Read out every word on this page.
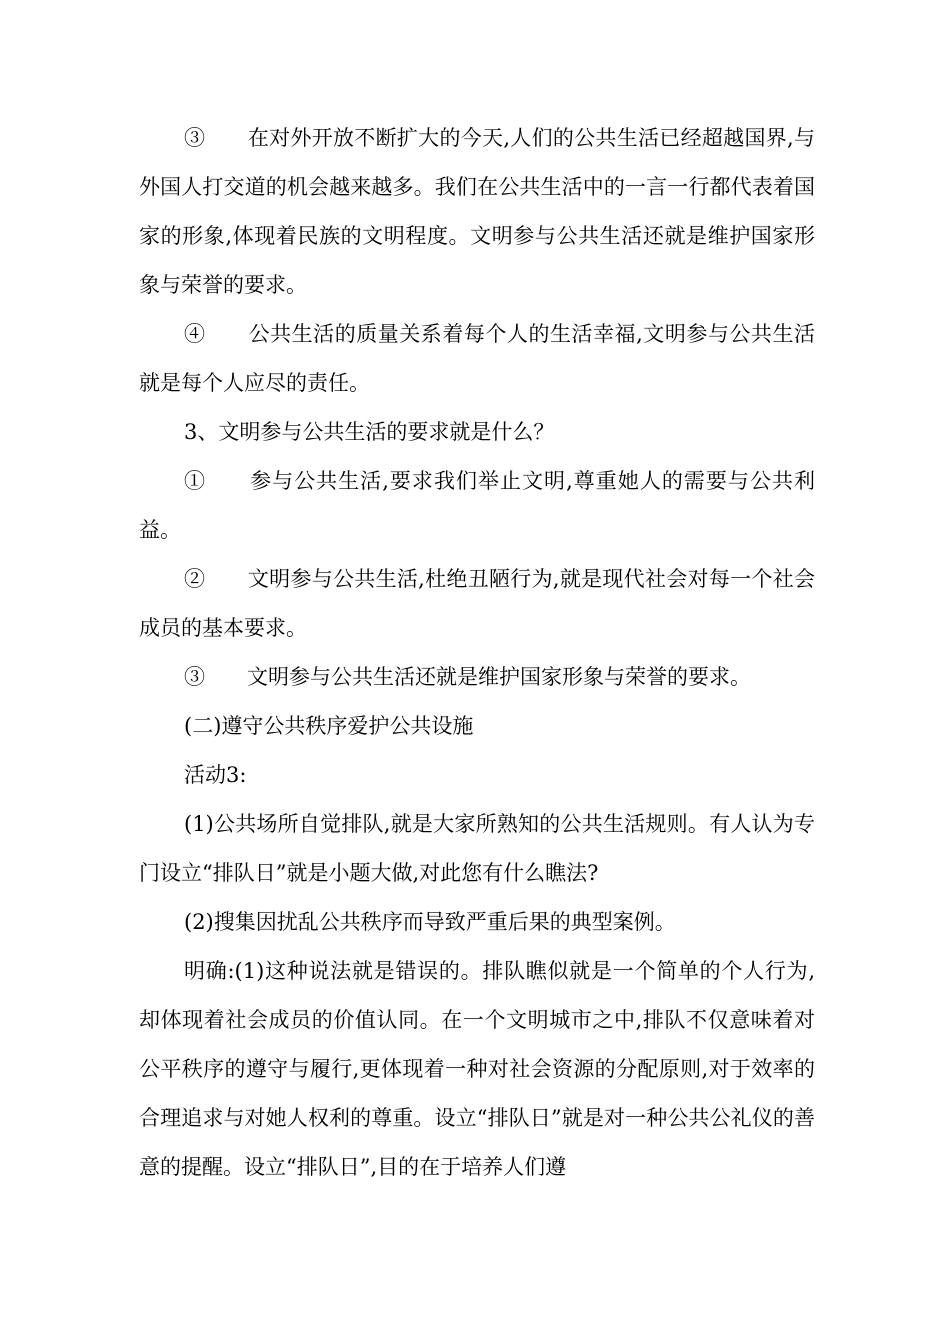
③　　在对外开放不断扩大的今天,人们的公共生活已经超越国界,与外国人打交道的机会越来越多。我们在公共生活中的一言一行都代表着国家的形象,体现着民族的文明程度。文明参与公共生活还就是维护国家形象与荣誉的要求。

④　　公共生活的质量关系着每个人的生活幸福,文明参与公共生活就是每个人应尽的责任。

3、文明参与公共生活的要求就是什么？

①　　参与公共生活,要求我们举止文明,尊重她人的需要与公共利益。

②　　文明参与公共生活,杜绝丑陋行为,就是现代社会对每一个社会成员的基本要求。

③　　文明参与公共生活还就是维护国家形象与荣誉的要求。

(二)遵守公共秩序爱护公共设施

活动3:

(1)公共场所自觉排队,就是大家所熟知的公共生活规则。有人认为专门设立“排队日”就是小题大做,对此您有什么瞧法?

(2)搜集因扰乱公共秩序而导致严重后果的典型案例。

明确:(1)这种说法就是错误的。排队瞧似就是一个简单的个人行为,却体现着社会成员的价值认同。在一个文明城市之中,排队不仅意味着对公平秩序的遵守与履行,更体现着一种对社会资源的分配原则,对于效率的合理追求与对她人权利的尊重。设立“排队日”就是对一种公共公礼仪的善意的提醒。设立“排队日”,目的在于培养人们遵
